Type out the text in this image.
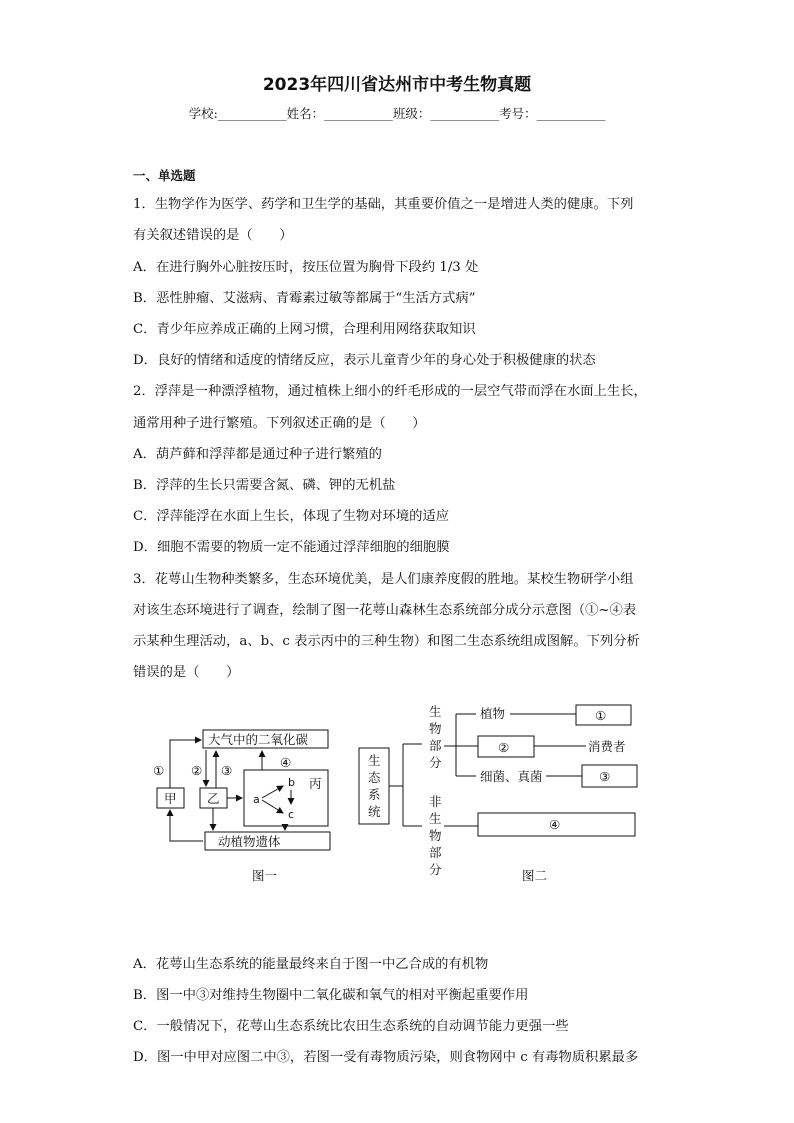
2023年四川省达州市中考生物真题
学校:___________姓名：___________班级：___________考号：___________
一、单选题
1．生物学作为医学、药学和卫生学的基础，其重要价值之一是增进人类的健康。下列
有关叙述错误的是（　　）
A．在进行胸外心脏按压时，按压位置为胸骨下段约 1/3 处
B．恶性肿瘤、艾滋病、青霉素过敏等都属于“生活方式病”
C．青少年应养成正确的上网习惯，合理利用网络获取知识
D．良好的情绪和适度的情绪反应，表示儿童青少年的身心处于积极健康的状态
2．浮萍是一种漂浮植物，通过植株上细小的纤毛形成的一层空气带而浮在水面上生长，
通常用种子进行繁殖。下列叙述正确的是（　　）
A．葫芦藓和浮萍都是通过种子进行繁殖的
B．浮萍的生长只需要含氮、磷、钾的无机盐
C．浮萍能浮在水面上生长，体现了生物对环境的适应
D．细胞不需要的物质一定不能通过浮萍细胞的细胞膜
3．花萼山生物种类繁多，生态环境优美，是人们康养度假的胜地。某校生物研学小组
对该生态环境进行了调查，绘制了图一花萼山森林生态系统部分成分示意图（①~④表
示某种生理活动，a、b、c 表示丙中的三种生物）和图二生态系统组成图解。下列分析
错误的是（　　）
大气中的二氧化碳
甲 乙
丙
a
b
c
动植物遗体
① ② ③
④
图一
生 态 系 统
生 物 部 分
非 生 物 部 分
植物	①
②	消费者
细菌、真菌	③
④
图二
A．花萼山生态系统的能量最终来自于图一中乙合成的有机物
B．图一中③对维持生物圈中二氧化碳和氧气的相对平衡起重要作用
C．一般情况下，花萼山生态系统比农田生态系统的自动调节能力更强一些
D．图一中甲对应图二中③，若图一受有毒物质污染，则食物网中 c 有毒物质积累最多
